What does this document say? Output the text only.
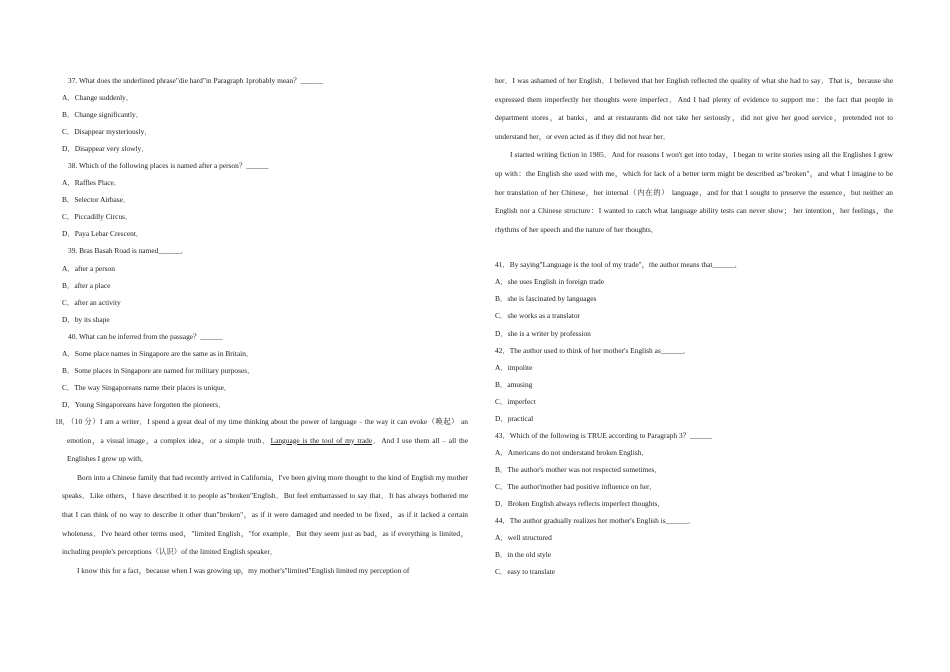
37. What does the underlined phrase"die hard"in Paragraph 1probably mean？______
A．Change suddenly．
B．Change significantly．
C．Disappear mysteriously．
D．Disappear very slowly．
38. Which of the following places is named after a person？______
A．Raffles Place．
B．Selector Airbase．
C．Piccadilly Circus．
D．Paya Lebar Crescent．
39. Bras Basah Road is named______．
A．after a person
B．after a place
C．after an activity
D．by its shape
40. What can be inferred from the passage？______
A．Some place names in Singapore are the same as in Britain．
B．Some places in Singapore are named for military purposes．
C．The way Singaporeans name their places is unique．
D．Young Singaporeans have forgotten the pioneers．
18．
（10 分）I am a writer．I spend a great deal of my time thinking about the power of language﹣the way it can evoke（唤起） an emotion，a visual image，a complex idea，or a simple truth．Language is the tool of my trade．And I use them all﹣all the Englishes I grew up with．
Born into a Chinese family that had recently arrived in California，I've been giving more thought to the kind of English my mother speaks．Like others，I have described it to people as"broken"English．But feel embarrassed to say that．It has always bothered me that I can think of no way to describe it other than"broken"，as if it were damaged and needed to be fixed，as if it lacked a certain wholeness．I've heard other terms used，"limited English，"for example．But they seem just as bad，as if everything is limited，including people's perceptions（认识）of the limited English speaker．
I know this for a fact，because when I was growing up，my mother's"limited"English limited my perception of
her．I was ashamed of her English．I believed that her English reflected the quality of what she had to say．That is，because she expressed them imperfectly her thoughts were imperfect．And I had plenty of evidence to support me：the fact that people in department stores，at banks，and at restaurants did not take her seriously，did not give her good service，pretended not to understand her，or even acted as if they did not hear her．
I started writing fiction in 1985．And for reasons I won't get into today，I began to write stories using all the Englishes I grew up with：the English she used with me，which for lack of a better term might be described as"broken"，and what I imagine to be her translation of her Chinese，her internal（内在的） language，and for that I sought to preserve the essence，but neither an English nor a Chinese structure：I wanted to catch what language ability tests can never show； her intention，her feelings，the rhythms of her speech and the nature of her thoughts．
41．By saying"Language is the tool of my trade"，the author means that______．
A．she uses English in foreign trade
B．she is fascinated by languages
C．she works as a translator
D．she is a writer by profession
42．The author used to think of her mother's English as______．
A．impolite
B．amusing
C．imperfect
D．practical
43．Which of the following is TRUE according to Paragraph 3？______
A．Americans do not understand broken English．
B．The author's mother was not respected sometimes．
C．The author'mother had positive influence on her．
D．Broken English always reflects imperfect thoughts．
44．The author gradually realizes her mother's English is______．
A．well structured
B．in the old style
C．easy to translate
